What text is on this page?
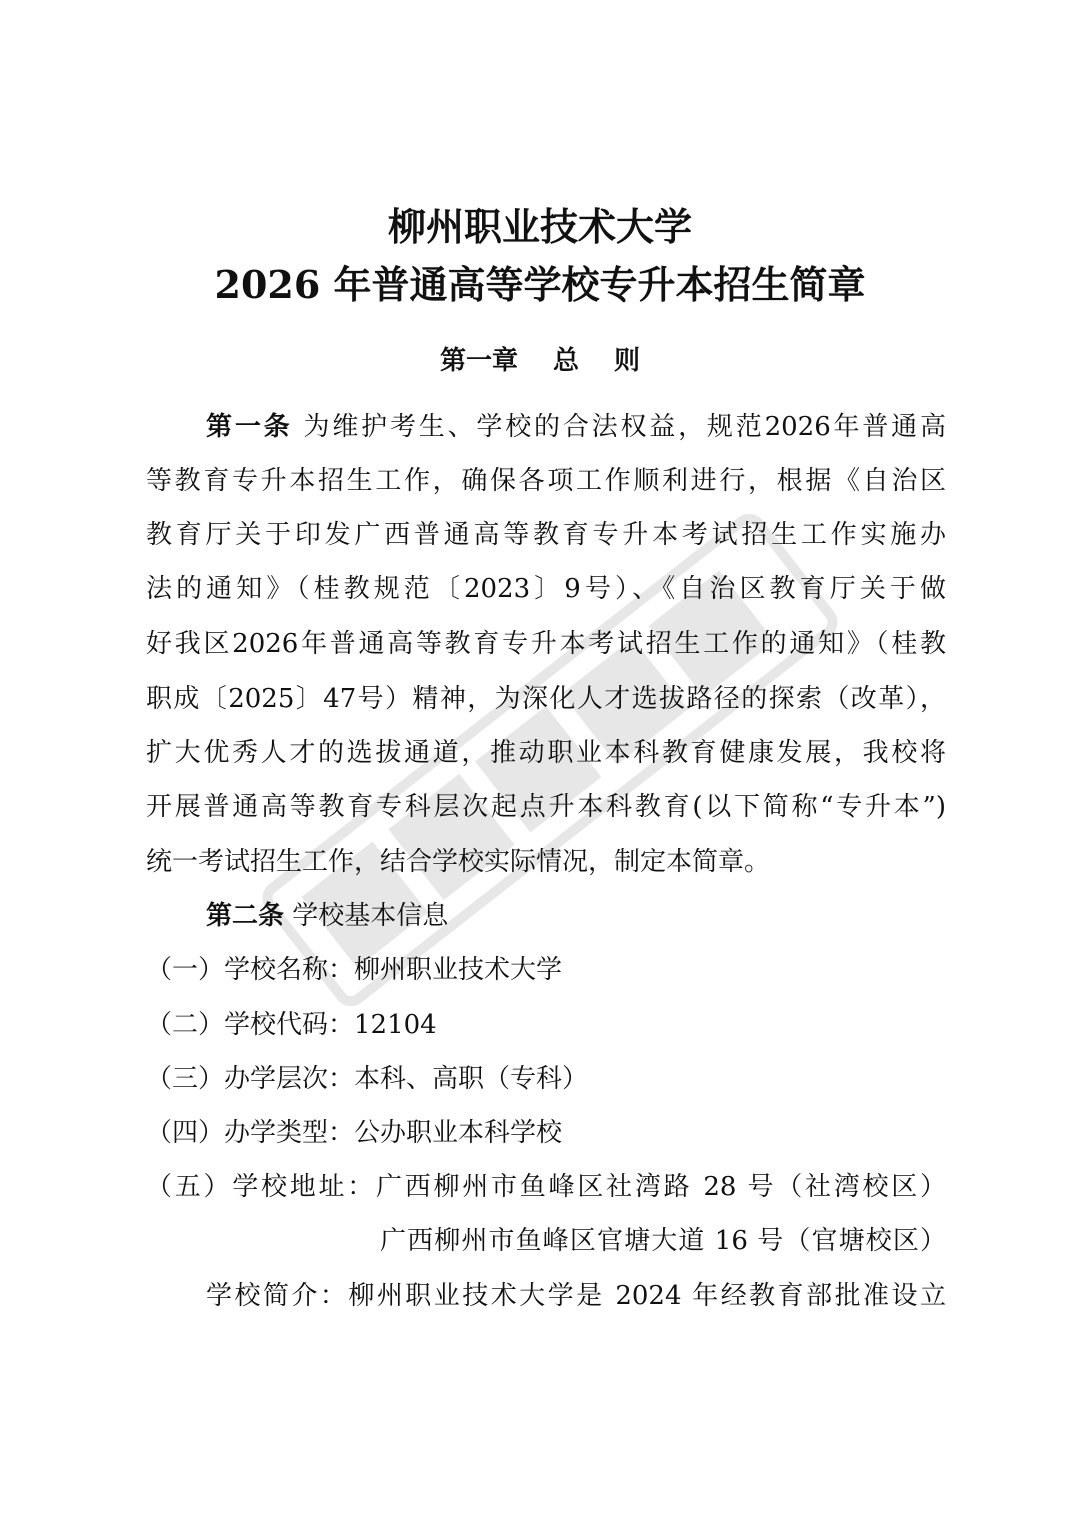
柳州职业技术大学
2026 年普通高等学校专升本招生简章
第一章　 总　 则
第一条 为维护考生、学校的合法权益，规范2026年普通高
等教育专升本招生工作，确保各项工作顺利进行，根据《自治区
教育厅关于印发广西普通高等教育专升本考试招生工作实施办
法的通知》（桂教规范〔2023〕9号）、《自治区教育厅关于做
好我区2026年普通高等教育专升本考试招生工作的通知》（桂教
职成〔2025〕47号）精神，为深化人才选拔路径的探索（改革），
扩大优秀人才的选拔通道，推动职业本科教育健康发展，我校将
开展普通高等教育专科层次起点升本科教育(以下简称“专升本”)
统一考试招生工作，结合学校实际情况，制定本简章。
第二条 学校基本信息
（一）学校名称：柳州职业技术大学
（二）学校代码：12104
（三）办学层次：本科、高职（专科）
（四）办学类型：公办职业本科学校
（五）学校地址：广西柳州市鱼峰区社湾路 28 号（社湾校区）
广西柳州市鱼峰区官塘大道 16 号（官塘校区）
学校简介：柳州职业技术大学是 2024 年经教育部批准设立
